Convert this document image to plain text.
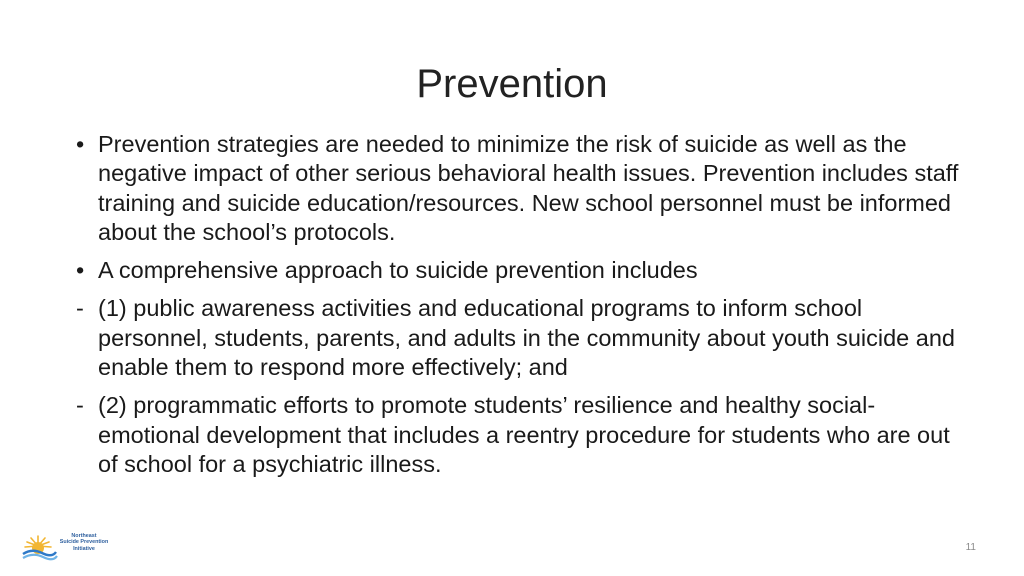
Prevention
• Prevention strategies are needed to minimize the risk of suicide as well as the negative impact of other serious behavioral health issues. Prevention includes staff training and suicide education/resources. New school personnel must be informed about the school’s protocols.
• A comprehensive approach to suicide prevention includes
- (1) public awareness activities and educational programs to inform school personnel, students, parents, and adults in the community about youth suicide and enable them to respond more effectively; and
- (2) programmatic efforts to promote students’ resilience and healthy social-emotional development that includes a reentry procedure for students who are out of school for a psychiatric illness.
Northeast
Suicide Prevention
Initiative	11
